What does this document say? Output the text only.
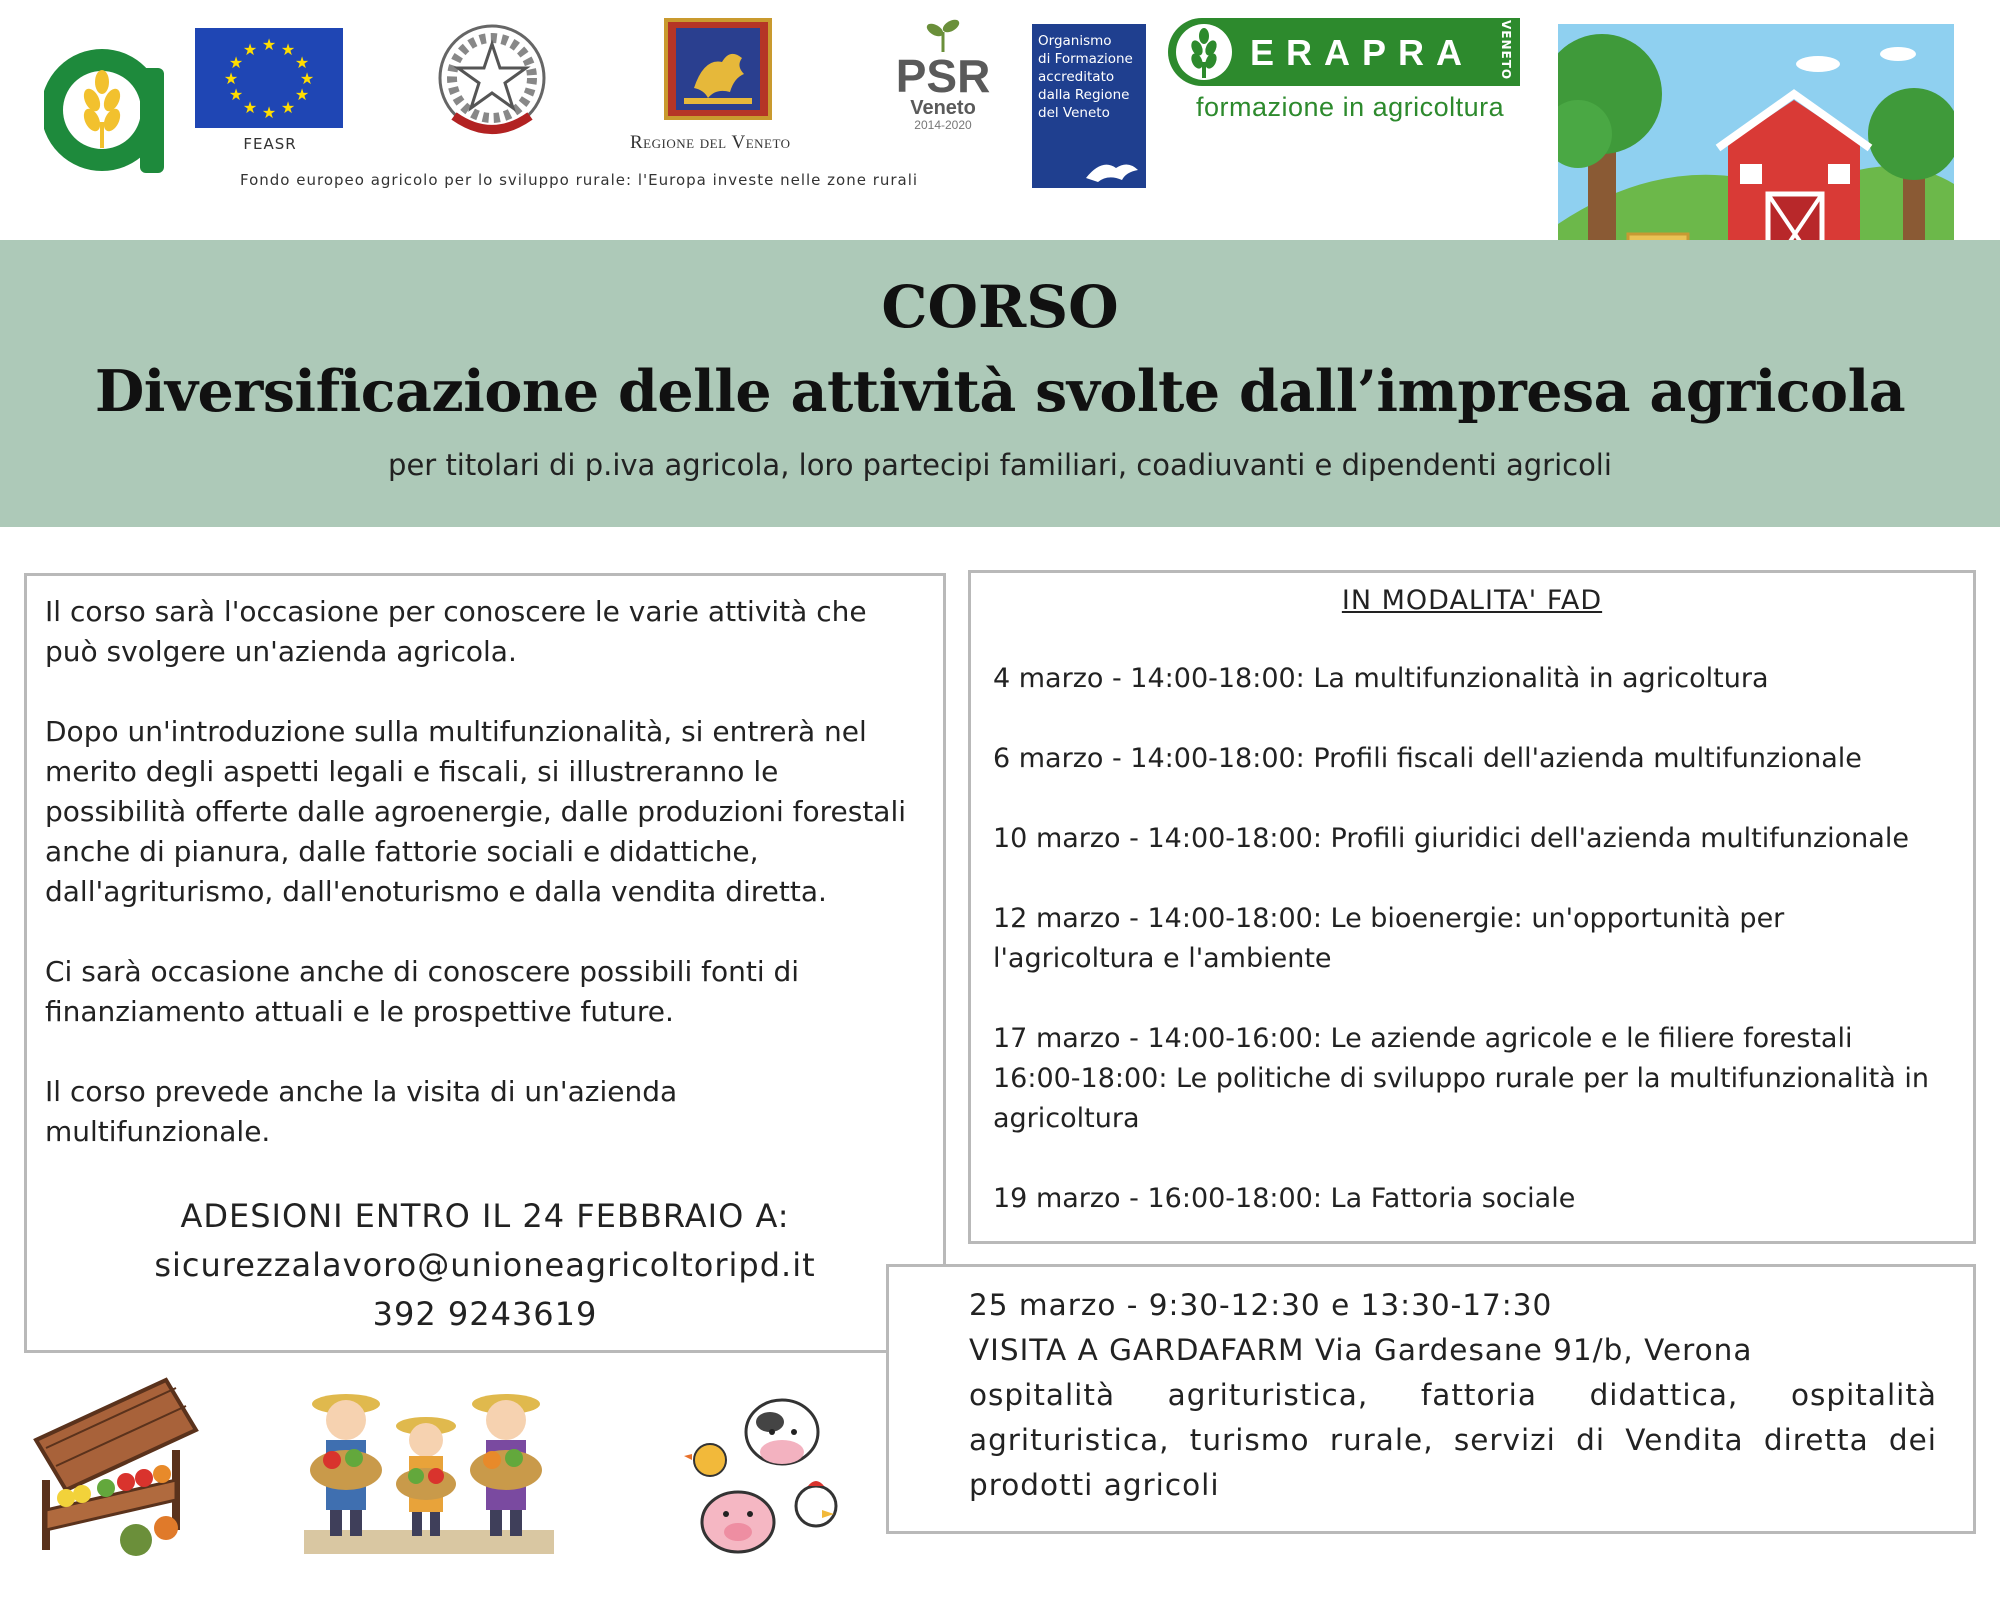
★ ★
★
★
★
★
★
★
★
★
★
★
FEASR	Regione del Veneto
Fondo europeo agricolo per lo sviluppo rurale: l'Europa investe nelle zone rurali
PSR
Veneto
2014-2020
Organismo
di Formazione
accreditato
dalla Regione
del Veneto
ERAPRA VENETO
formazione in agricoltura
CORSO
Diversificazione delle attività svolte dall’impresa agricola
per titolari di p.iva agricola, loro partecipi familiari, coadiuvanti e dipendenti agricoli

Il corso sarà l'occasione per conoscere le varie attività che può svolgere un'azienda agricola.

Dopo un'introduzione sulla multifunzionalità, si entrerà nel merito degli aspetti legali e fiscali, si illustreranno le possibilità offerte dalle agroenergie, dalle produzioni forestali anche di pianura, dalle fattorie sociali e didattiche, dall'agriturismo, dall'enoturismo e dalla vendita diretta.

Ci sarà occasione anche di conoscere possibili fonti di finanziamento attuali e le prospettive future.

Il corso prevede anche la visita di un'azienda multifunzionale.

ADESIONI ENTRO IL 24 FEBBRAIO A:
sicurezzalavoro@unioneagricoltoripd.it
392 9243619
IN MODALITA' FAD

4 marzo - 14:00-18:00: La multifunzionalità in agricoltura

6 marzo - 14:00-18:00: Profili fiscali dell'azienda multifunzionale

10 marzo - 14:00-18:00: Profili giuridici dell'azienda multifunzionale

12 marzo - 14:00-18:00: Le bioenergie: un'opportunità per l'agricoltura e l'ambiente

17 marzo - 14:00-16:00: Le aziende agricole e le filiere forestali
16:00-18:00: Le politiche di sviluppo rurale per la multifunzionalità in agricoltura

19 marzo - 16:00-18:00: La Fattoria sociale

25 marzo - 9:30-12:30 e 13:30-17:30
VISITA A GARDAFARM Via Gardesane 91/b, Verona
ospitalità agrituristica, fattoria didattica, ospitalità agrituristica, turismo rurale, servizi di Vendita diretta dei prodotti agricoli
